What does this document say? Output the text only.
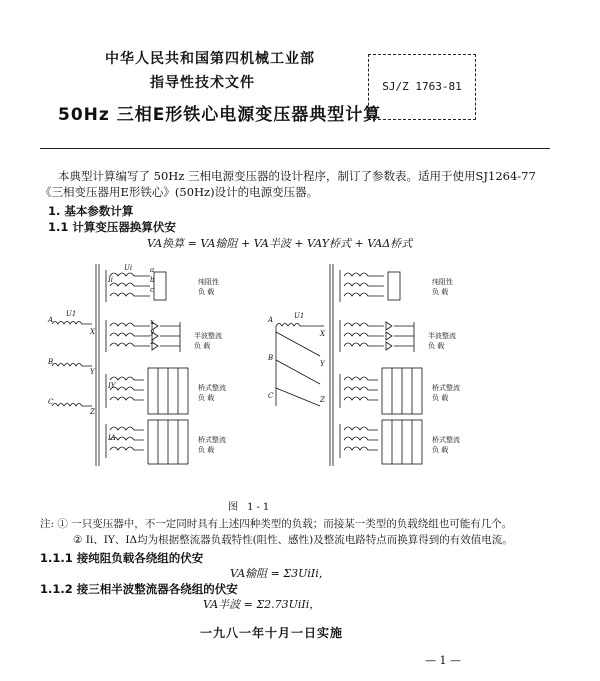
中华人民共和国第四机械工业部
指导性技术文件
50Hz 三相E形铁心电源变压器典型计算
SJ/Z 1763-81
本典型计算编写了 50Hz 三相电源变压器的设计程序，制订了参数表。适用于使用SJ1264-77
《三相变压器用E形铁心》(50Hz)设计的电源变压器。
1. 基本参数计算
1.1 计算变压器换算伏安
VA换算 = VA输阻 + VA半波 + VAY桥式 + VAΔ桥式
A
X
B
Y
C
Z
U1
Ui
Ii
IY
IΔ
a
b
c
x
y
z
纯阻性
负 载
半波整流
负 载
桥式整流
负 载
桥式整流
负 载
A
X
B
Y
C	Z
U1
纯阻性
负 载
半波整流
负 载
桥式整流
负 载
桥式整流
负 载
图 1-1
注: ① 一只变压器中，不一定同时具有上述四种类型的负载；而接某一类型的负载绕组也可能有几个。
② Ii、IY、IΔ均为根据整流器负载特性(阻性、感性)及整流电路特点而换算得到的有效值电流。
1.1.1 接纯阻负载各绕组的伏安
VA输阻 = Σ3UiIi，
1.1.2 接三相半波整流器各绕组的伏安
VA半波 = Σ2.73UiIi，
一九八一年十月一日实施
— 1 —
